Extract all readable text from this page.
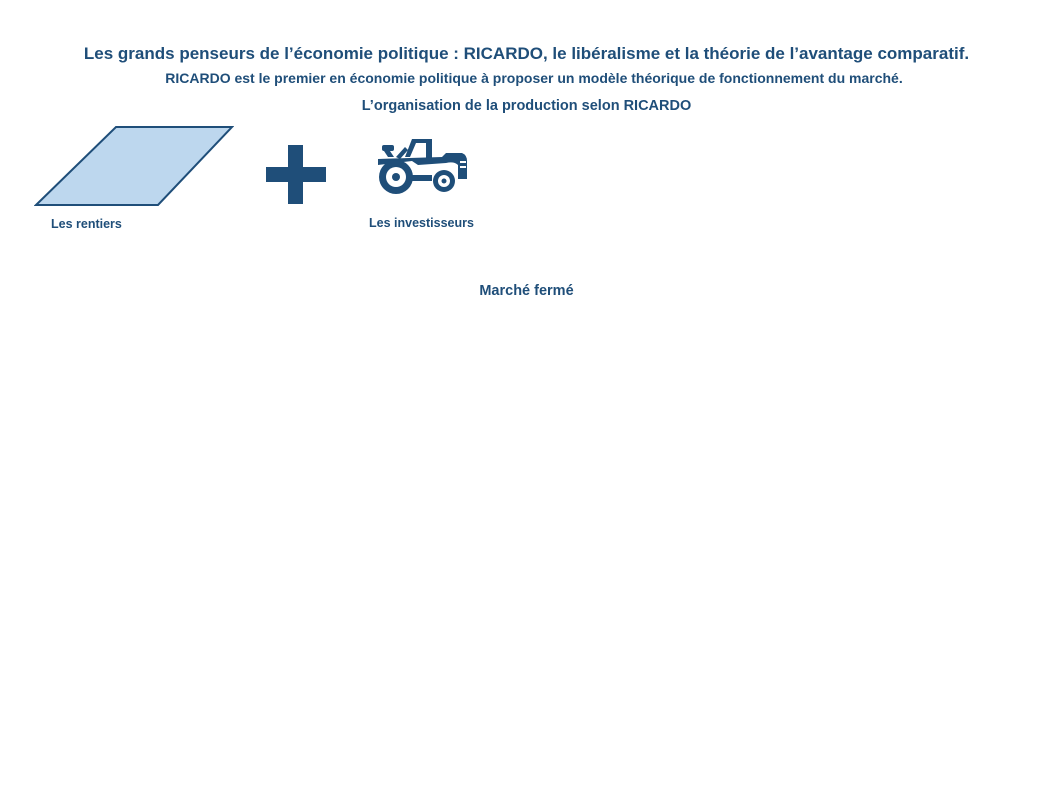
Les grands penseurs de l’économie politique : RICARDO, le libéralisme et la théorie de l’avantage comparatif.
RICARDO est le premier en économie politique à proposer un modèle théorique de fonctionnement du marché.
L’organisation de la production selon RICARDO
Les rentiers	Les investisseurs
Marché fermé
